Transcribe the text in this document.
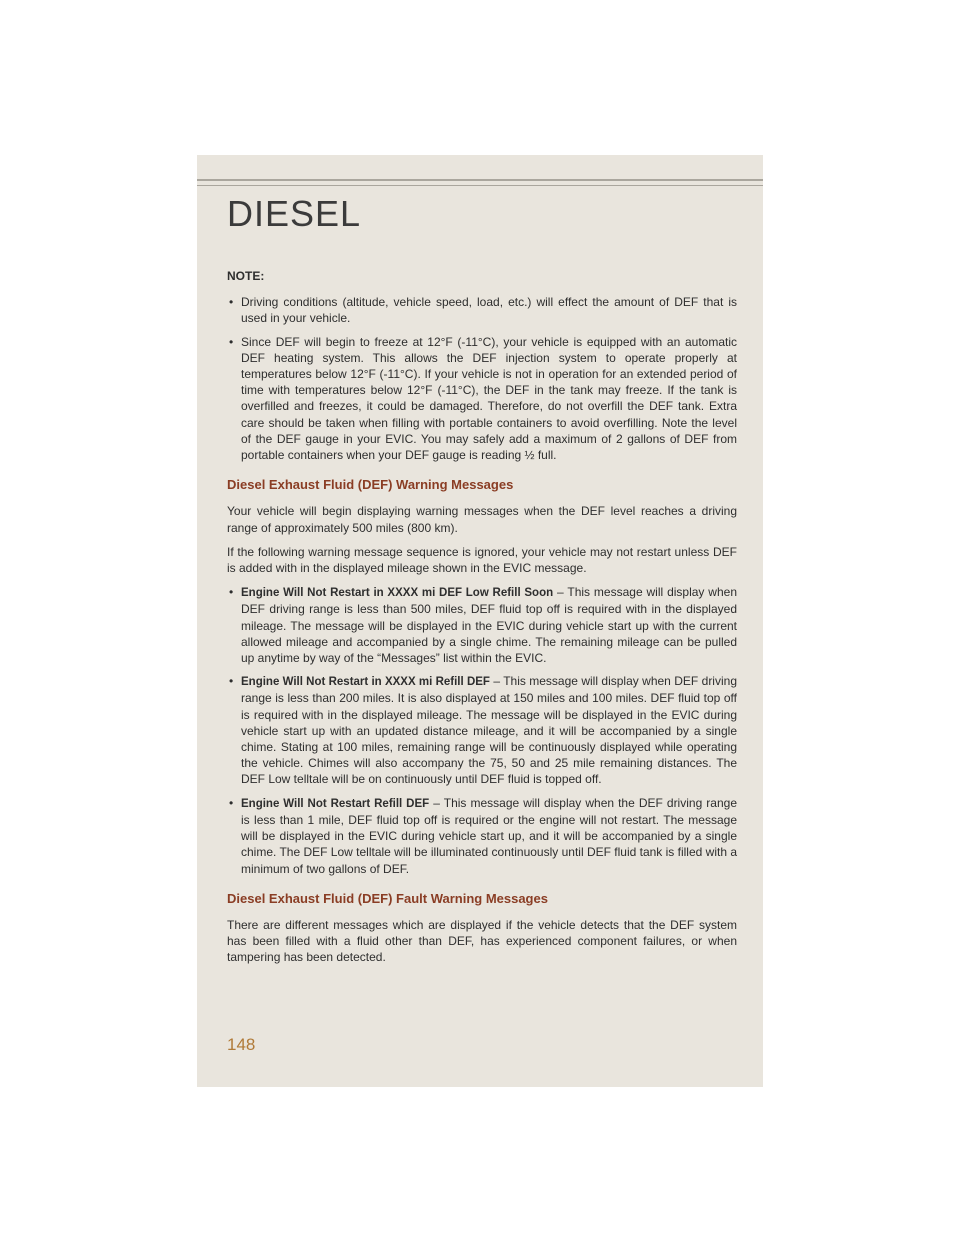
DIESEL
NOTE:
• Driving conditions (altitude, vehicle speed, load, etc.) will effect the amount of DEF that is used in your vehicle.
• Since DEF will begin to freeze at 12°F (-11°C), your vehicle is equipped with an automatic DEF heating system. This allows the DEF injection system to operate properly at temperatures below 12°F (-11°C). If your vehicle is not in operation for an extended period of time with temperatures below 12°F (-11°C), the DEF in the tank may freeze. If the tank is overfilled and freezes, it could be damaged. Therefore, do not overfill the DEF tank. Extra care should be taken when filling with portable containers to avoid overfilling. Note the level of the DEF gauge in your EVIC. You may safely add a maximum of 2 gallons of DEF from portable containers when your DEF gauge is reading ½ full.
Diesel Exhaust Fluid (DEF) Warning Messages

Your vehicle will begin displaying warning messages when the DEF level reaches a driving range of approximately 500 miles (800 km).

If the following warning message sequence is ignored, your vehicle may not restart unless DEF is added with in the displayed mileage shown in the EVIC message.

• Engine Will Not Restart in XXXX mi DEF Low Refill Soon – This message will display when DEF driving range is less than 500 miles, DEF fluid top off is required with in the displayed mileage. The message will be displayed in the EVIC during vehicle start up with the current allowed mileage and accompanied by a single chime. The remaining mileage can be pulled up anytime by way of the “Messages” list within the EVIC.
• Engine Will Not Restart in XXXX mi Refill DEF – This message will display when DEF driving range is less than 200 miles. It is also displayed at 150 miles and 100 miles. DEF fluid top off is required with in the displayed mileage. The message will be displayed in the EVIC during vehicle start up with an updated distance mileage, and it will be accompanied by a single chime. Stating at 100 miles, remaining range will be continuously displayed while operating the vehicle. Chimes will also accompany the 75, 50 and 25 mile remaining distances. The DEF Low telltale will be on continuously until DEF fluid is topped off.
• Engine Will Not Restart Refill DEF – This message will display when the DEF driving range is less than 1 mile, DEF fluid top off is required or the engine will not restart. The message will be displayed in the EVIC during vehicle start up, and it will be accompanied by a single chime. The DEF Low telltale will be illuminated continuously until DEF fluid tank is filled with a minimum of two gallons of DEF.
Diesel Exhaust Fluid (DEF) Fault Warning Messages

There are different messages which are displayed if the vehicle detects that the DEF system has been filled with a fluid other than DEF, has experienced component failures, or when tampering has been detected.

148
